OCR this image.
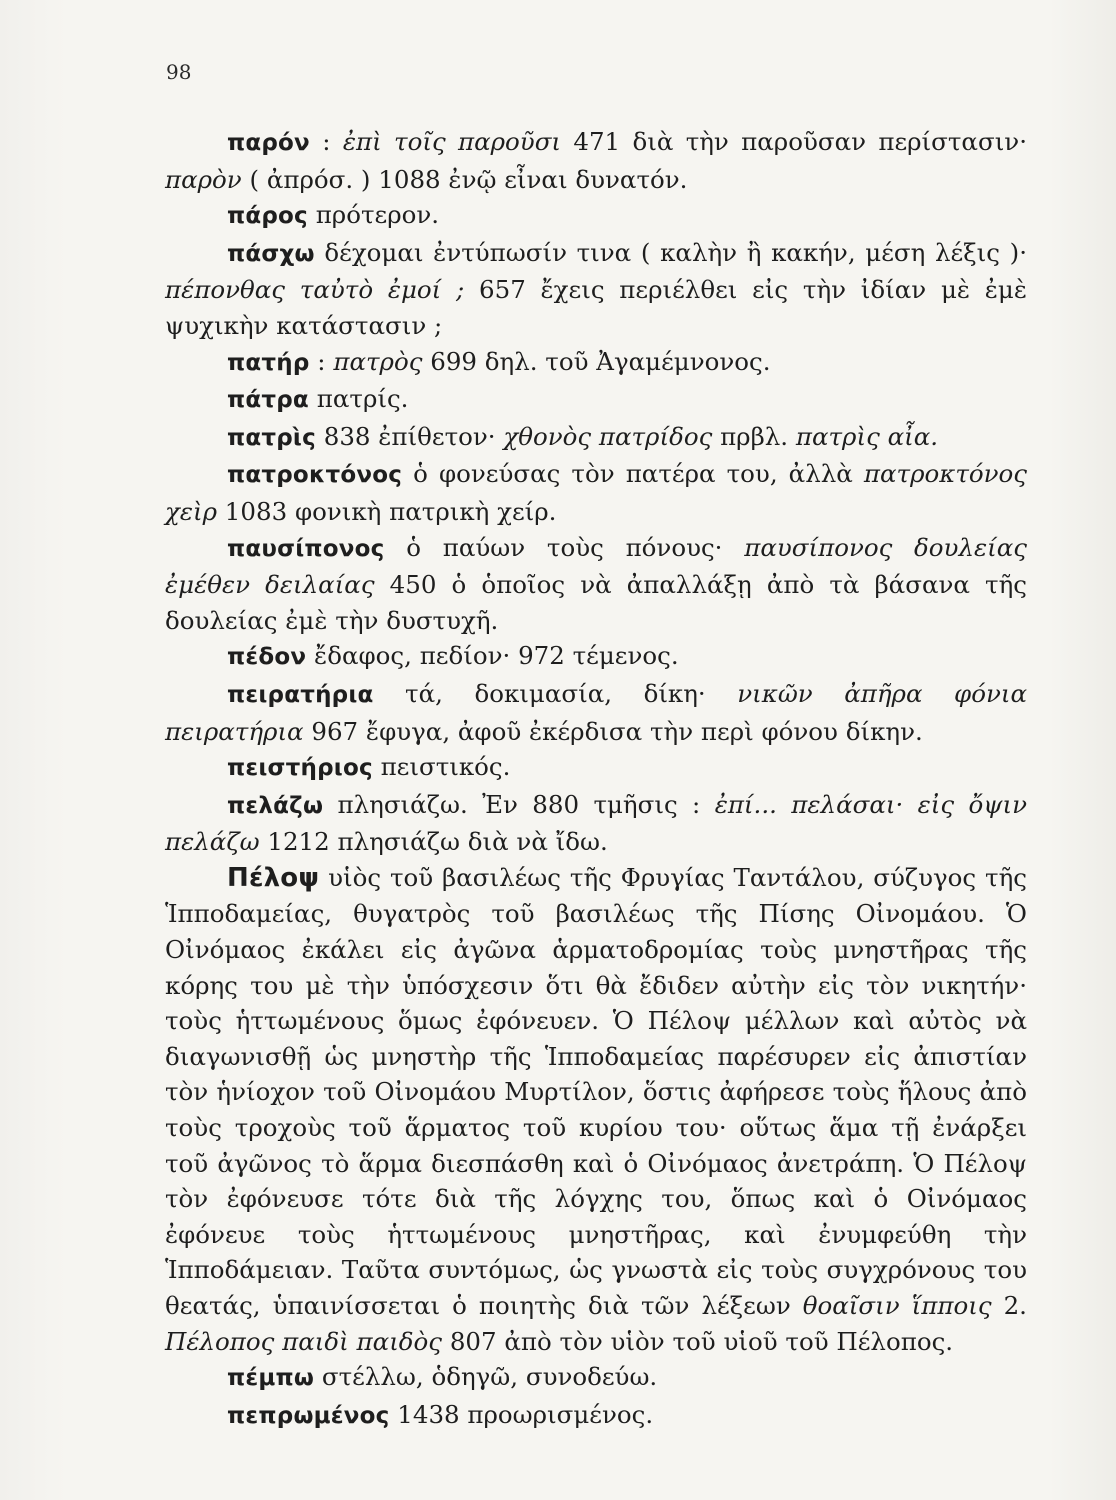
98

παρόν : ἐπὶ τοῖς παροῦσι 471 διὰ τὴν παροῦσαν περίστασιν· παρὸν ( ἀπρόσ. ) 1088 ἐνῷ εἶναι δυνατόν.

πάρος πρότερον.

πάσχω δέχομαι ἐντύπωσίν τινα ( καλὴν ἢ κακήν, μέση λέξις )· πέπονθας ταὐτὸ ἐμοί ; 657 ἔχεις περιέλθει εἰς τὴν ἰδίαν μὲ ἐμὲ ψυχικὴν κατάστασιν ;

πατήρ : πατρὸς 699 δηλ. τοῦ Ἀγαμέμνονος.

πάτρα πατρίς.

πατρὶς 838 ἐπίθετον· χθονὸς πατρίδος πρβλ. πατρὶς αἶα.

πατροκτόνος ὁ φονεύσας τὸν πατέρα του, ἀλλὰ πατροκτόνος χεὶρ 1083 φονικὴ πατρικὴ χείρ.

παυσίπονος ὁ παύων τοὺς πόνους· παυσίπονος δουλείας ἐμέθεν δειλαίας 450 ὁ ὁποῖος νὰ ἀπαλλάξῃ ἀπὸ τὰ βάσανα τῆς δουλείας ἐμὲ τὴν δυστυχῆ.

πέδον ἔδαφος, πεδίον· 972 τέμενος.

πειρατήρια τά, δοκιμασία, δίκη· νικῶν ἀπῆρα φόνια πειρατήρια 967 ἔφυγα, ἀφοῦ ἐκέρδισα τὴν περὶ φόνου δίκην.

πειστήριος πειστικός.

πελάζω πλησιάζω. Ἐν 880 τμῆσις : ἐπί... πελάσαι· εἰς ὄψιν πελάζω 1212 πλησιάζω διὰ νὰ ἴδω.

Πέλοψ υἱὸς τοῦ βασιλέως τῆς Φρυγίας Ταντάλου, σύζυγος τῆς Ἱπποδαμείας, θυγατρὸς τοῦ βασιλέως τῆς Πίσης Οἰνομάου. Ὁ Οἰνόμαος ἐκάλει εἰς ἀγῶνα ἁρματοδρομίας τοὺς μνηστῆρας τῆς κόρης του μὲ τὴν ὑπόσχεσιν ὅτι θὰ ἔδιδεν αὐτὴν εἰς τὸν νικητήν· τοὺς ἡττωμένους ὅμως ἐφόνευεν. Ὁ Πέλοψ μέλλων καὶ αὐτὸς νὰ διαγωνισθῇ ὡς μνηστὴρ τῆς Ἱπποδαμείας παρέσυρεν εἰς ἀπιστίαν τὸν ἡνίοχον τοῦ Οἰνομάου Μυρτίλον, ὅστις ἀφήρεσε τοὺς ἥλους ἀπὸ τοὺς τροχοὺς τοῦ ἅρματος τοῦ κυρίου του· οὕτως ἅμα τῇ ἐνάρξει τοῦ ἀγῶνος τὸ ἅρμα διεσπάσθη καὶ ὁ Οἰνόμαος ἀνετράπη. Ὁ Πέλοψ τὸν ἐφόνευσε τότε διὰ τῆς λόγχης του, ὅπως καὶ ὁ Οἰνόμαος ἐφόνευε τοὺς ἡττωμένους μνηστῆρας, καὶ ἐνυμφεύθη τὴν Ἱπποδάμειαν. Ταῦτα συντόμως, ὡς γνωστὰ εἰς τοὺς συγχρόνους του θεατάς, ὑπαινίσσεται ὁ ποιητὴς διὰ τῶν λέξεων θοαῖσιν ἵπποις 2. Πέλοπος παιδὶ παιδὸς 807 ἀπὸ τὸν υἱὸν τοῦ υἱοῦ τοῦ Πέλοπος.

πέμπω στέλλω, ὁδηγῶ, συνοδεύω.

πεπρωμένος 1438 προωρισμένος.
